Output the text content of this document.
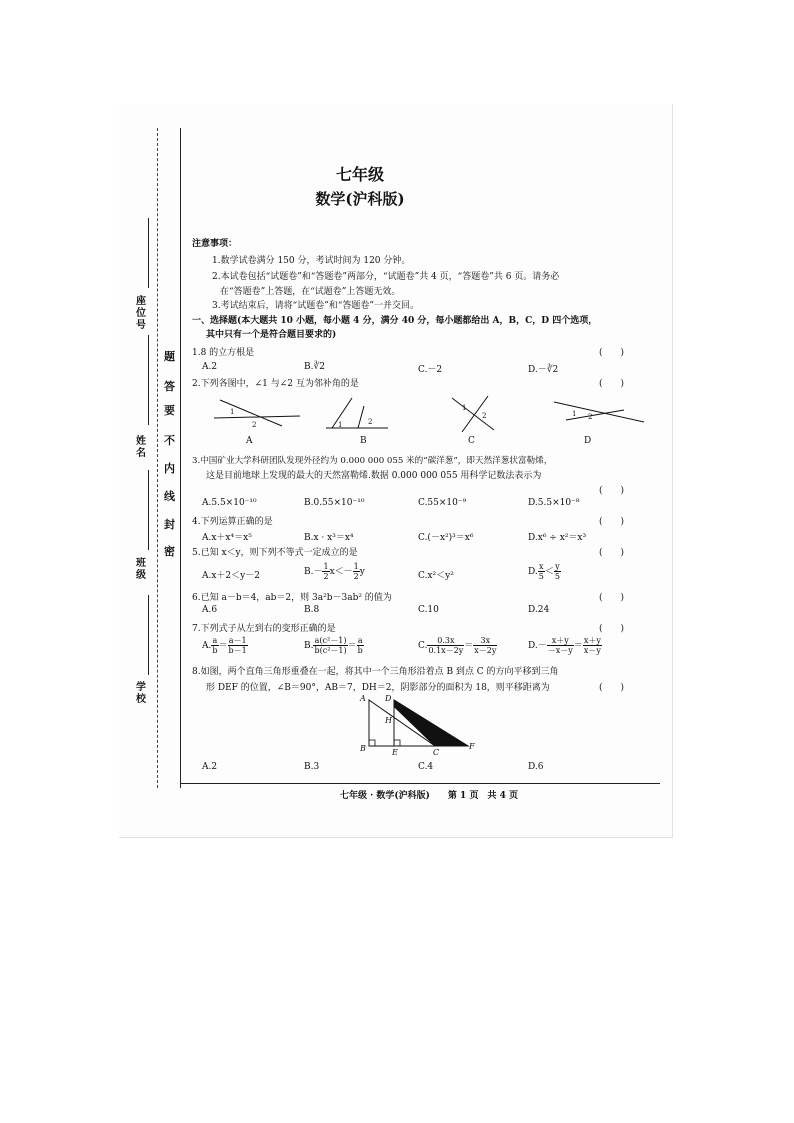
座位号
姓名
班级
学校
题
答
要
不
内
线
封
密
七年级
数学(沪科版)
注意事项：
1.数学试卷满分 150 分，考试时间为 120 分钟。
2.本试卷包括“试题卷”和“答题卷”两部分，“试题卷”共 4 页，“答题卷”共 6 页。请务必
在“答题卷”上答题，在“试题卷”上答题无效。
3.考试结束后，请将“试题卷”和“答题卷”一并交回。
一、选择题(本大题共 10 小题，每小题 4 分，满分 40 分，每小题都给出 A，B，C，D 四个选项，
其中只有一个是符合题目要求的)
1.8 的立方根是	(　　)
A.2	B.∛2	C.－2	D.－∛2
2.下列各图中，∠1 与∠2 互为邻补角的是	(　　)
1
2
A
1	2
B
1
2
C
1 2
D
3.中国矿业大学科研团队发现外径约为 0.000 000 055 米的“碳洋葱”，即天然洋葱状富勒烯，
这是目前地球上发现的最大的天然富勒烯.数据 0.000 000 055 用科学记数法表示为
(　　)
A.5.5×10⁻¹⁰	B.0.55×10⁻¹⁰	C.55×10⁻⁹	D.5.5×10⁻⁸
4.下列运算正确的是	(　　)
A.x＋x⁴＝x⁵	B.x · x³＝x⁴	C.(－x²)³＝x⁶	D.x⁶ ÷ x²＝x³
5.已知 x＜y，则下列不等式一定成立的是	(　　)
A.x＋2＜y－2	$B.- \frac{1}{2} x<- \frac{1}{2}$ y	C.x²＜y²	D. $\frac{x}{5} < \frac{y}{5}$
6.已知 a－b＝4，ab＝2，则 3a²b－3ab² 的值为	(　　)
A.6	B.8	C.10	D.24
7.下列式子从左到右的变形正确的是	(　　)
A. $\frac{a}{b} = \frac{a-1}{b-1}$	B. $\frac{\text{a(c²－1)}}{\text{b(c²－1)}} = \frac{a}{b}$	C. $\frac{0.3x}{0.1x-2y} = \frac{3x}{x-2y}$	$D.- \frac{x+y}{-x-y} = \frac{x+y}{x-y}$
8.如图，两个直角三角形重叠在一起，将其中一个三角形沿着点 B 到点 C 的方向平移到三角
形 DEF 的位置，∠B＝90°，AB＝7，DH＝2，阴影部分的面积为 18，则平移距离为	(　　)
A D
H
B	E	C
F
A.2	B.3	C.4	D.6
七年级 · 数学(沪科版)　　第 1 页　共 4 页
